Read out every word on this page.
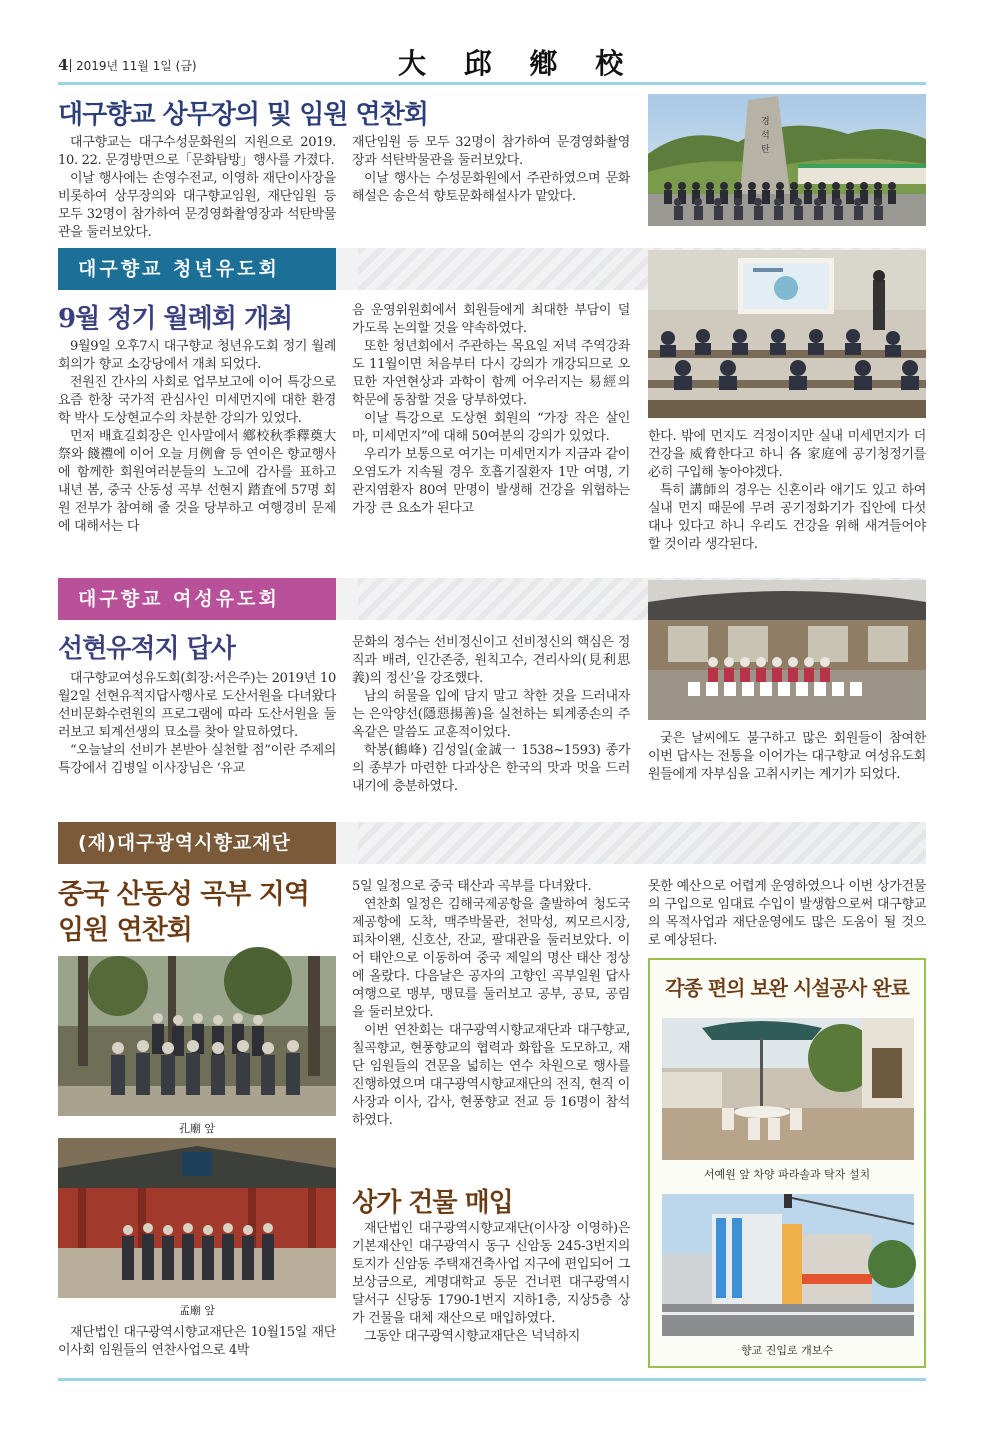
4 2019년 11월 1일 (금)	大 邱 鄕 校
대구향교 상무장의 및 임원 연찬회

대구향교는 대구수성문화원의 지원으로 2019. 10. 22. 문경방면으로「문화탐방」행사를 가졌다.

이날 행사에는 손영수전교, 이영하 재단이사장을 비롯하여 상무장의와 대구향교임원, 재단임원 등 모두 32명이 참가하여 문경영화촬영장과 석탄박물관을 둘러보았다.

재단임원 등 모두 32명이 참가하여 문경영화촬영장과 석탄박물관을 둘러보았다.

이날 행사는 수성문화원에서 주관하였으며 문화해설은 송은석 향토문화해설사가 맡았다.

경
석
탄
대구향교 청년유도회
9월 정기 월례회 개최

9월9일 오후7시 대구향교 청년유도회 정기 월례회의가 향교 소강당에서 개최 되었다.

전원진 간사의 사회로 업무보고에 이어 특강으로 요즘 한창 국가적 관심사인 미세먼지에 대한 환경학 박사 도상현교수의 차분한 강의가 있었다.

먼저 배효길회장은 인사말에서 鄕校秋季釋奠大祭와 餞禮에 이어 오늘 月例會 등 연이은 향교행사에 함께한 회원여러분들의 노고에 감사를 표하고 내년 봄, 중국 산동성 곡부 선현지 踏査에 57명 회원 전부가 참여해 줄 것을 당부하고 여행경비 문제에 대해서는 다

음 운영위원회에서 회원들에게 최대한 부담이 덜 가도록 논의할 것을 약속하였다.

또한 청년회에서 주관하는 목요일 저녁 주역강좌도 11월이면 처음부터 다시 강의가 개강되므로 오묘한 자연현상과 과학이 함께 어우러지는 易經의 학문에 동참할 것을 당부하였다.

이날 특강으로 도상현 회원의 “가장 작은 살인마, 미세먼지”에 대해 50여분의 강의가 있었다.

우리가 보통으로 여기는 미세먼지가 지금과 같이 오염도가 지속될 경우 호흡기질환자 1만 여명, 기관지염환자 80여 만명이 발생해 건강을 위협하는 가장 큰 요소가 된다고

한다. 밖에 먼지도 걱정이지만 실내 미세먼지가 더 건강을 威脅한다고 하니 各 家庭에 공기청정기를 必히 구입해 놓아야겠다.

특히 講師의 경우는 신혼이라 애기도 있고 하여 실내 먼지 때문에 무려 공기정화기가 집안에 다섯 대나 있다고 하니 우리도 건강을 위해 새겨들어야 할 것이라 생각된다.

대구향교 여성유도회
선현유적지 답사

대구향교여성유도회(회장:서은주)는 2019년 10월2일 선현유적지답사행사로 도산서원을 다녀왔다 선비문화수련원의 프로그램에 따라 도산서원을 둘러보고 퇴계선생의 묘소를 찾아 알묘하였다.

“오늘날의 선비가 본받아 실천할 점”이란 주제의 특강에서 김병일 이사장님은 ‘유교

문화의 정수는 선비정신이고 선비정신의 핵심은 정직과 배려, 인간존중, 원칙고수, 견리사의(見利思義)의 정신’을 강조했다.

남의 허물을 입에 담지 말고 착한 것을 드러내자는 은악양선(隱惡揚善)을 실천하는 퇴계종손의 주옥같은 말씀도 교훈적이었다.

학봉(鶴峰) 김성일(金誠一 1538~1593) 종가의 종부가 마련한 다과상은 한국의 맛과 멋을 드러내기에 충분하였다.

궂은 날씨에도 불구하고 많은 회원들이 참여한 이번 답사는 전통을 이어가는 대구향교 여성유도회원들에게 자부심을 고취시키는 계기가 되었다.

(재)대구광역시향교재단
중국 산동성 곡부 지역
임원 연찬회
孔廟 앞
孟廟 앞

재단법인 대구광역시향교재단은 10월15일 재단이사회 임원들의 연찬사업으로 4박

5일 일정으로 중국 태산과 곡부를 다녀왔다.

연찬회 일정은 김해국제공항을 출발하여 청도국제공항에 도착, 맥주박물관, 천막성, 찌모르시장, 피차이왠, 신호산, 잔교, 팔대관을 둘러보았다. 이어 태안으로 이동하여 중국 제일의 명산 태산 정상에 올랐다. 다음날은 공자의 고향인 곡부일원 답사여행으로 맹부, 맹묘를 둘러보고 공부, 공묘, 공림을 둘러보았다.

이번 연찬회는 대구광역시향교재단과 대구향교, 칠곡향교, 현풍향교의 협력과 화합을 도모하고, 재단 임원들의 견문을 넓히는 연수 차원으로 행사를 진행하였으며 대구광역시향교재단의 전직, 현직 이사장과 이사, 감사, 현풍향교 전교 등 16명이 참석하였다.

상가 건물 매입

재단법인 대구광역시향교재단(이사장 이영하)은 기본재산인 대구광역시 동구 신암동 245-3번지의 토지가 신암동 주택재건축사업 지구에 편입되어 그 보상금으로, 계명대학교 동문 건너편 대구광역시 달서구 신당동 1790-1번지 지하1층, 지상5층 상가 건물을 대체 재산으로 매입하였다.

그동안 대구광역시향교재단은 넉넉하지

못한 예산으로 어렵게 운영하였으나 이번 상가건물의 구입으로 임대료 수입이 발생함으로써 대구향교의 목적사업과 재단운영에도 많은 도움이 될 것으로 예상된다.

각종 편의 보완 시설공사 완료
서예원 앞 차양 파라솔과 탁자 설치
향교 진입로 개보수
